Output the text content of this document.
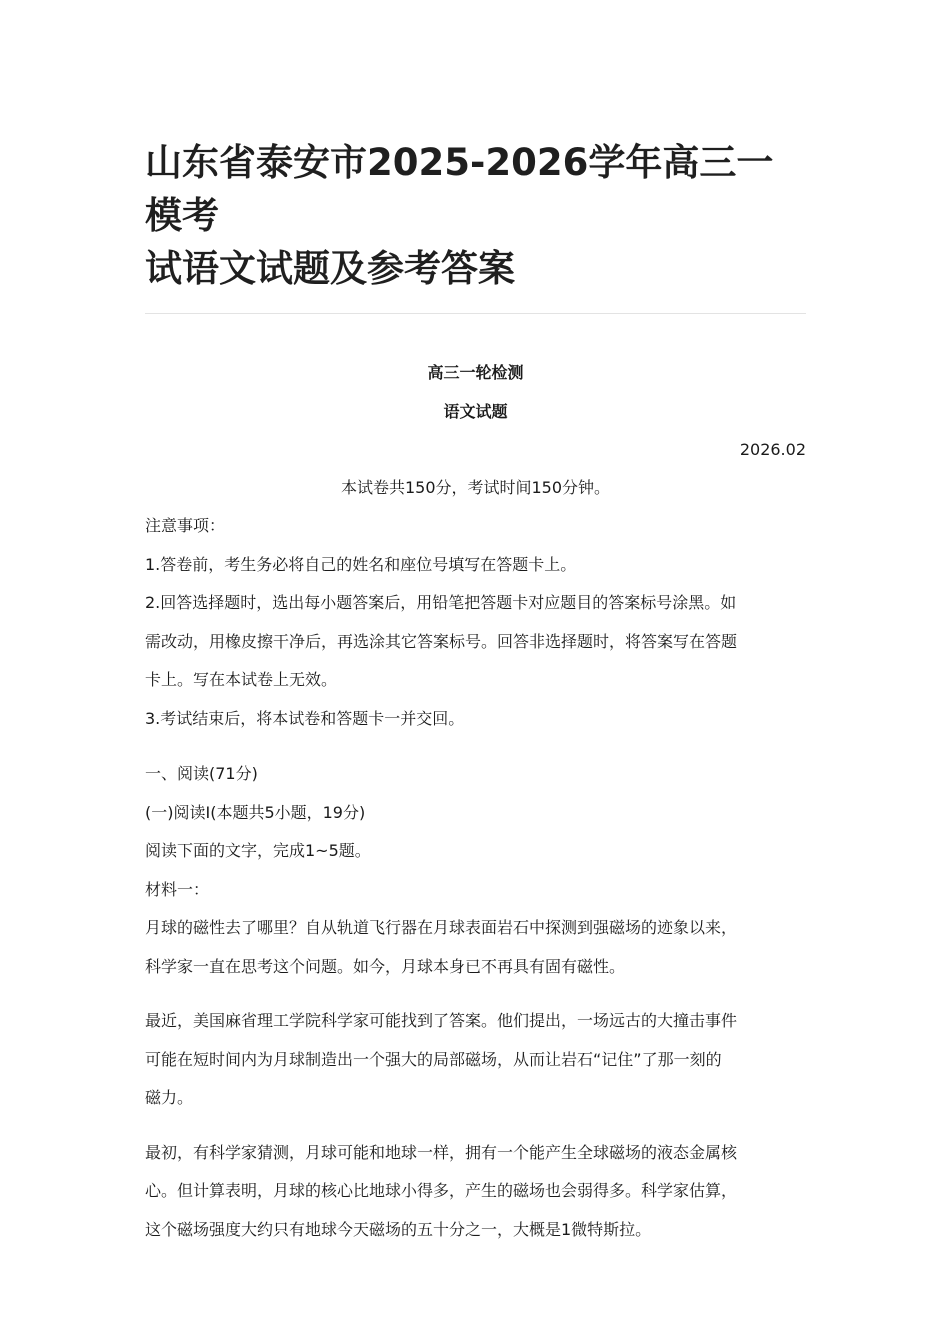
山东省泰安市2025-2026学年高三一模考
试语文试题及参考答案

高三一轮检测

语文试题

2026.02
本试卷共150分，考试时间150分钟。

注意事项：

1.答卷前，考生务必将自己的姓名和座位号填写在答题卡上。

2.回答选择题时，选出每小题答案后，用铅笔把答题卡对应题目的答案标号涂黑。如

需改动，用橡皮擦干净后，再选涂其它答案标号。回答非选择题时，将答案写在答题

卡上。写在本试卷上无效。

3.考试结束后，将本试卷和答题卡一并交回。

一、阅读(71分)

(一)阅读Ⅰ(本题共5小题，19分)

阅读下面的文字，完成1~5题。

材料一：

月球的磁性去了哪里？自从轨道飞行器在月球表面岩石中探测到强磁场的迹象以来，

科学家一直在思考这个问题。如今，月球本身已不再具有固有磁性。

最近，美国麻省理工学院科学家可能找到了答案。他们提出，一场远古的大撞击事件

可能在短时间内为月球制造出一个强大的局部磁场，从而让岩石“记住”了那一刻的

磁力。

最初，有科学家猜测，月球可能和地球一样，拥有一个能产生全球磁场的液态金属核

心。但计算表明，月球的核心比地球小得多，产生的磁场也会弱得多。科学家估算，

这个磁场强度大约只有地球今天磁场的五十分之一，大概是1微特斯拉。
